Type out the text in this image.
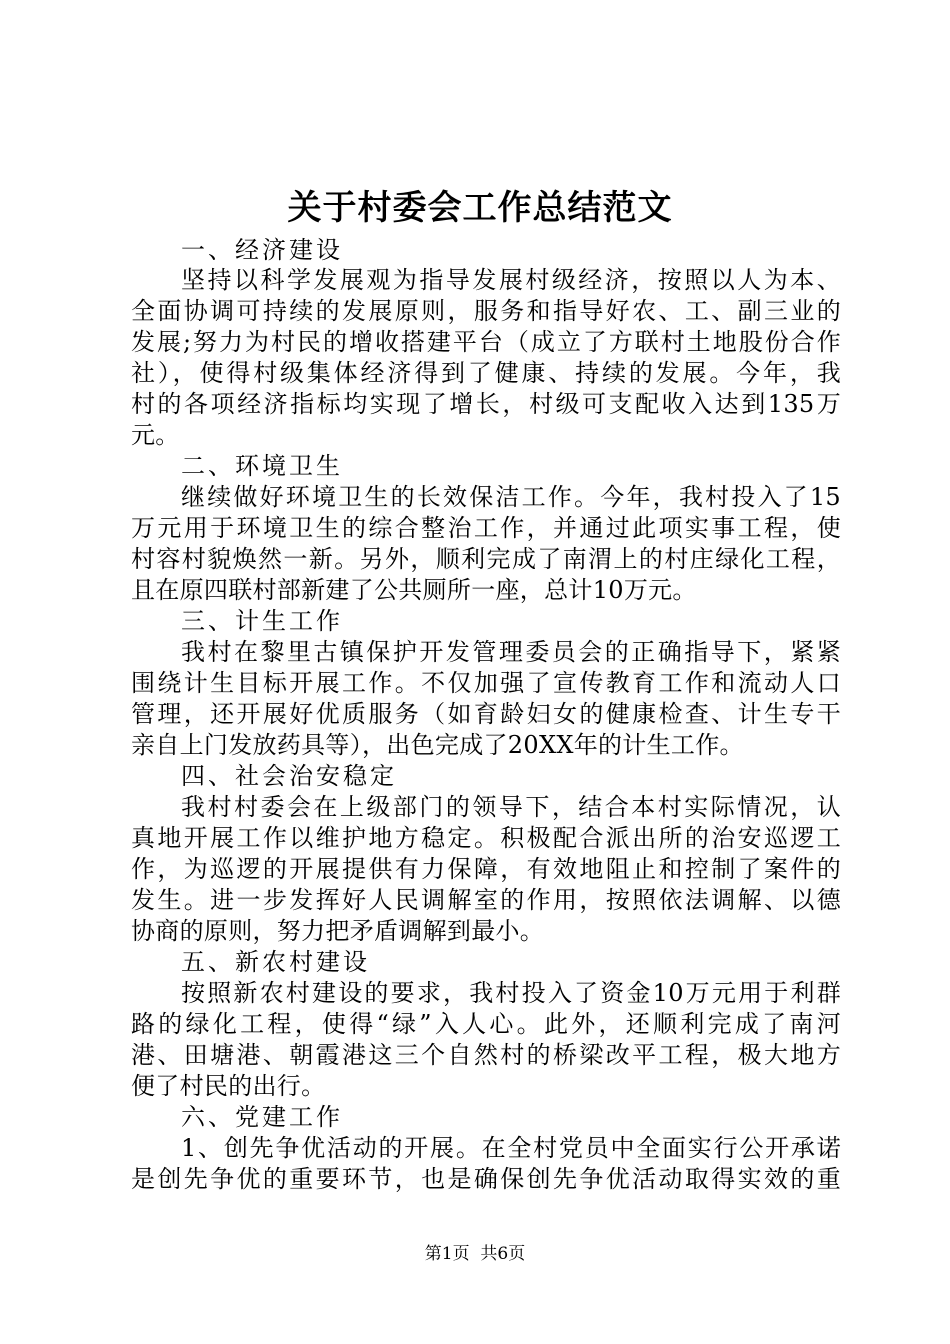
关于村委会工作总结范文
一、经济建设
坚持以科学发展观为指导发展村级经济，按照以人为本、
全面协调可持续的发展原则，服务和指导好农、工、副三业的
发展;努力为村民的增收搭建平台（成立了方联村土地股份合作
社），使得村级集体经济得到了健康、持续的发展。今年，我
村的各项经济指标均实现了增长，村级可支配收入达到135万
元。
二、环境卫生
继续做好环境卫生的长效保洁工作。今年，我村投入了15
万元用于环境卫生的综合整治工作，并通过此项实事工程，使
村容村貌焕然一新。另外，顺利完成了南渭上的村庄绿化工程，
且在原四联村部新建了公共厕所一座，总计10万元。
三、计生工作
我村在黎里古镇保护开发管理委员会的正确指导下，紧紧
围绕计生目标开展工作。不仅加强了宣传教育工作和流动人口
管理，还开展好优质服务（如育龄妇女的健康检查、计生专干
亲自上门发放药具等），出色完成了20XX年的计生工作。
四、社会治安稳定
我村村委会在上级部门的领导下，结合本村实际情况，认
真地开展工作以维护地方稳定。积极配合派出所的治安巡逻工
作，为巡逻的开展提供有力保障，有效地阻止和控制了案件的
发生。进一步发挥好人民调解室的作用，按照依法调解、以德
协商的原则，努力把矛盾调解到最小。
五、新农村建设
按照新农村建设的要求，我村投入了资金10万元用于利群
路的绿化工程，使得“绿”入人心。此外，还顺利完成了南河
港、田塘港、朝霞港这三个自然村的桥梁改平工程，极大地方
便了村民的出行。
六、党建工作
1、创先争优活动的开展。在全村党员中全面实行公开承诺
是创先争优的重要环节，也是确保创先争优活动取得实效的重
第1页  共6页
